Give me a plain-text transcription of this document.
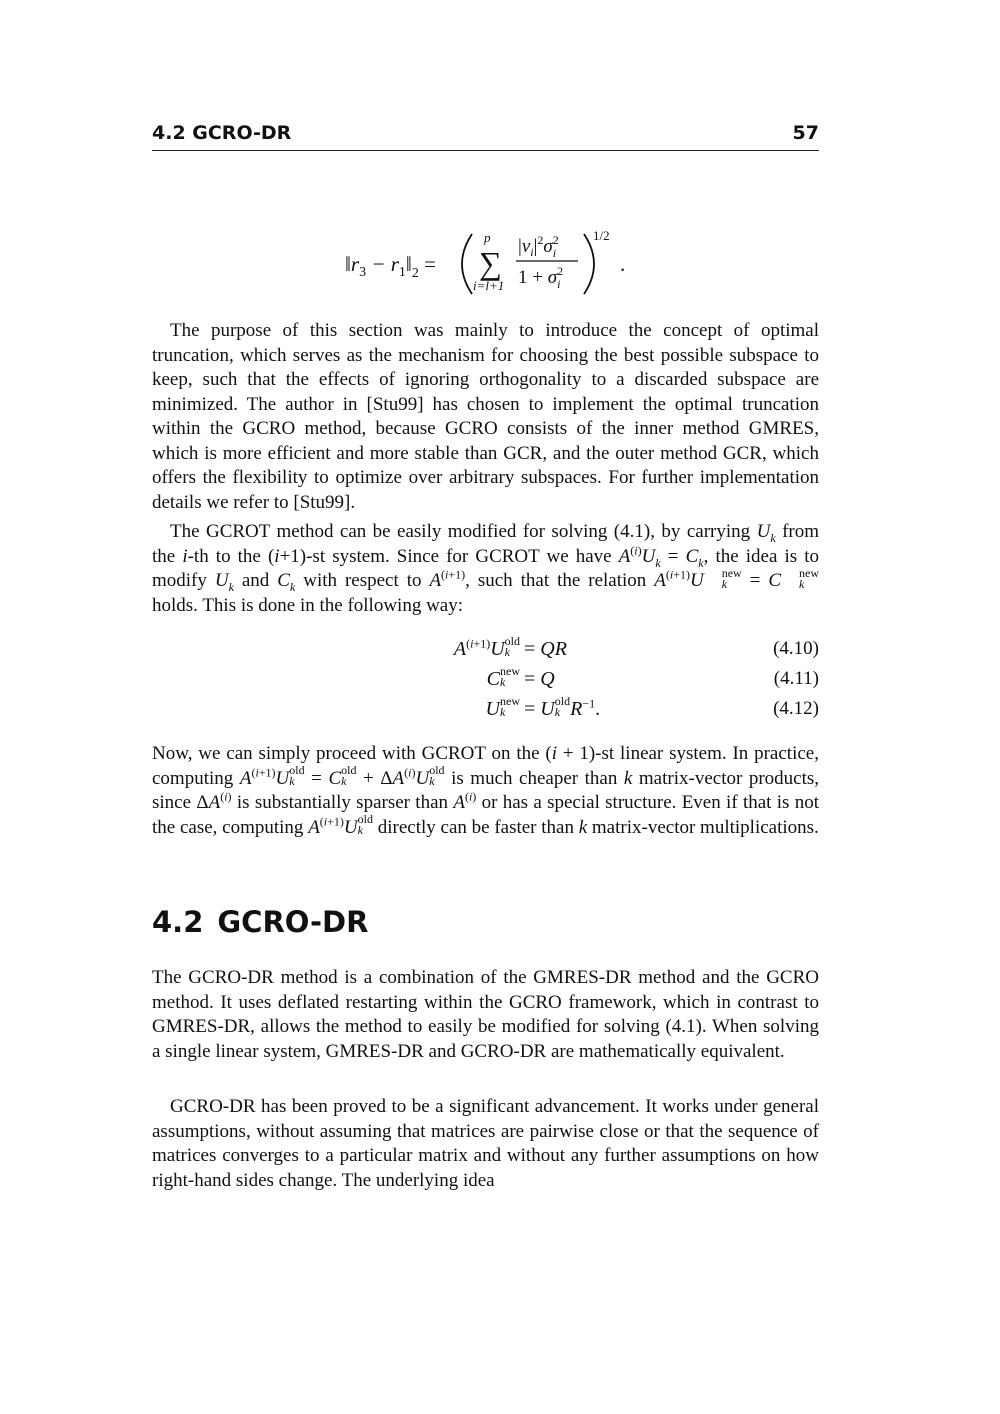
4.2 GCRO-DR	57
$‖r_3$ − $r_1‖_2$ =
p
∑
i=l+1
$|\nu_i|^2\sigma^2$ i
$1 + \sigma^2$ i
1/2
.

The purpose of this section was mainly to introduce the concept of optimal truncation, which serves as the mechanism for choosing the best possible subspace to keep, such that the effects of ignoring orthogonality to a discarded subspace are minimized. The author in [Stu99] has chosen to implement the optimal truncation within the GCRO method, because GCRO consists of the inner method GMRES, which is more efficient and more stable than GCR, and the outer method GCR, which offers the flexibility to optimize over arbitrary subspaces. For further implementation details we refer to [Stu99].

The GCROT method can be easily modified for solving (4.1), by carrying $U_k$ from the i-th to the (i+1)-st system. Since for GCROT we have $A^{(i)}U_k = C_k$, the idea is to modify $U_k$ and $C_k$ with respect to $A^{(i+1)}$, such that the relation $A^{(i+1)}U$	new
k = C	new
k
holds. This is done in the following way:

$A^{(i+1)}U$ old
k = QR	(4.10)
C new
k = Q	(4.11)
U new
k = U old
k $R^{-1}$.	(4.12)

Now, we can simply proceed with GCROT on the (i + 1)-st linear system. In practice, computing $A^{(i+1)}U$ old
k = C old
$k + \Delta A^{(i)}U$ old
k is much cheaper than k matrix-vector products, since ΔA$^{(i)}$ is substantially sparser than $A^{(i)}$ or has a special structure. Even if that is not the case, computing $A^{(i+1)}U$ old
k directly can be faster than k matrix-vector multiplications.

4.2 GCRO-DR

The GCRO-DR method is a combination of the GMRES-DR method and the GCRO method. It uses deflated restarting within the GCRO framework, which in contrast to GMRES-DR, allows the method to easily be modified for solving (4.1). When solving a single linear system, GMRES-DR and GCRO-DR are mathematically equivalent.

GCRO-DR has been proved to be a significant advancement. It works under general assumptions, without assuming that matrices are pairwise close or that the sequence of matrices converges to a particular matrix and without any further assumptions on how right-hand sides change. The underlying idea
